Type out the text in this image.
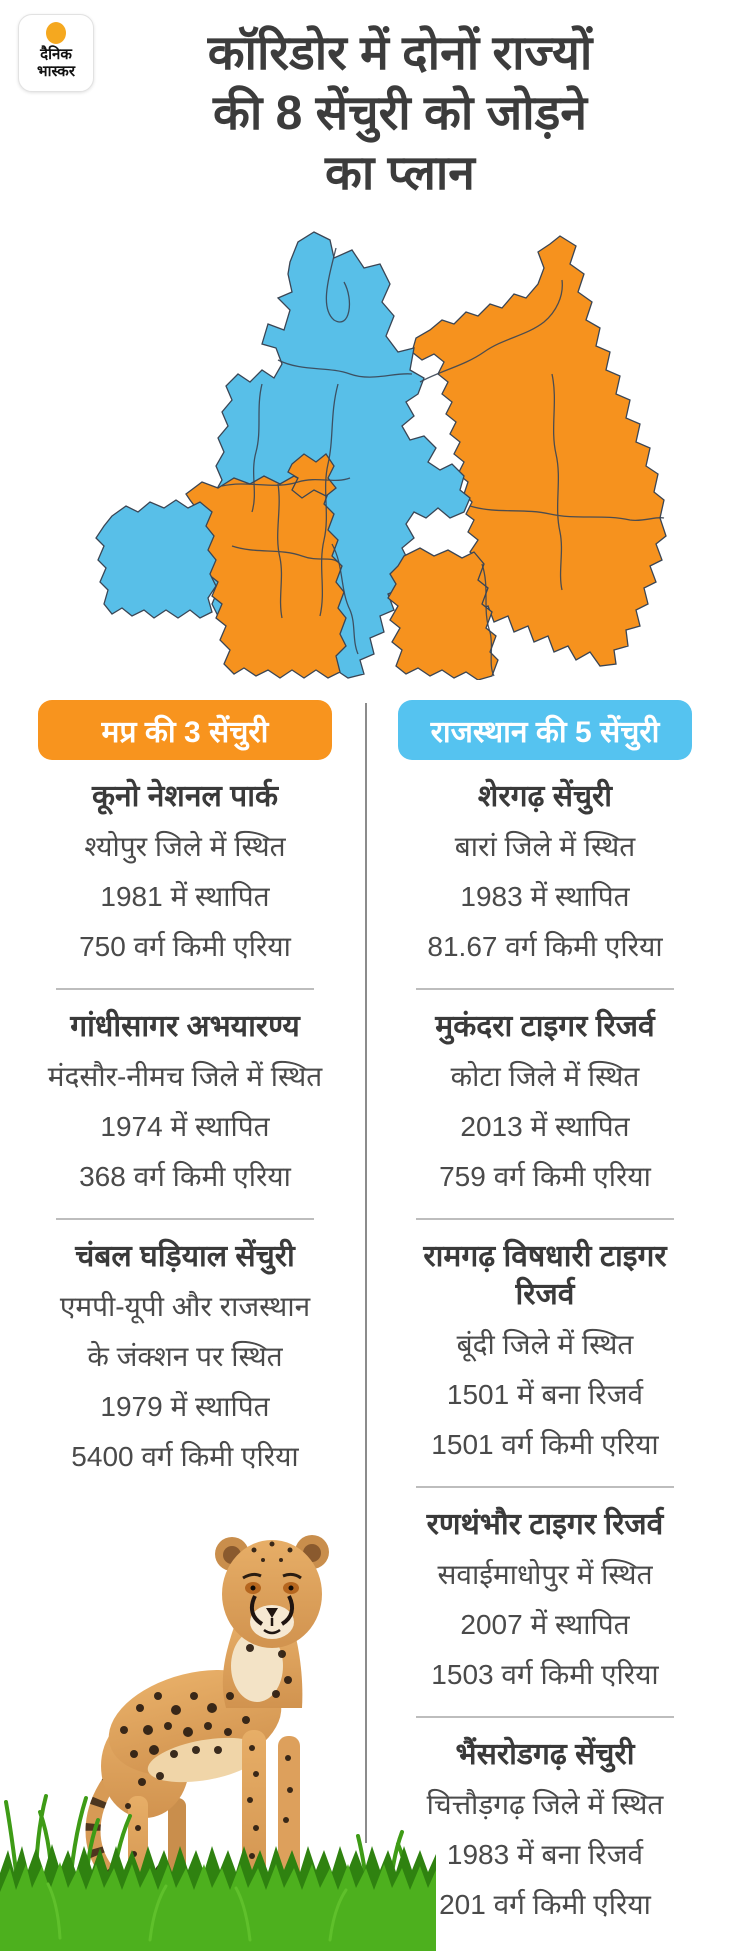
दैनिक
भास्कर	कॉरिडोर में दोनों राज्यों
की 8 सेंचुरी को जोड़ने
का प्लान
मप्र की 3 सेंचुरी
कूनो नेशनल पार्क
श्योपुर जिले में स्थित
1981 में स्थापित
750 वर्ग किमी एरिया
गांधीसागर अभयारण्य
मंदसौर-नीमच जिले में स्थित
1974 में स्थापित
368 वर्ग किमी एरिया
चंबल घड़ियाल सेंचुरी
एमपी-यूपी और राजस्थान
के जंक्शन पर स्थित
1979 में स्थापित
5400 वर्ग किमी एरिया
राजस्थान की 5 सेंचुरी
शेरगढ़ सेंचुरी
बारां जिले में स्थित
1983 में स्थापित
81.67 वर्ग किमी एरिया
मुकंदरा टाइगर रिजर्व
कोटा जिले में स्थित
2013 में स्थापित
759 वर्ग किमी एरिया
रामगढ़ विषधारी टाइगर रिजर्व
बूंदी जिले में स्थित
1501 में बना रिजर्व
1501 वर्ग किमी एरिया
रणथंभौर टाइगर रिजर्व
सवाईमाधोपुर में स्थित
2007 में स्थापित
1503 वर्ग किमी एरिया
भैंसरोडगढ़ सेंचुरी
चित्तौड़गढ़ जिले में स्थित
1983 में बना रिजर्व
201 वर्ग किमी एरिया
